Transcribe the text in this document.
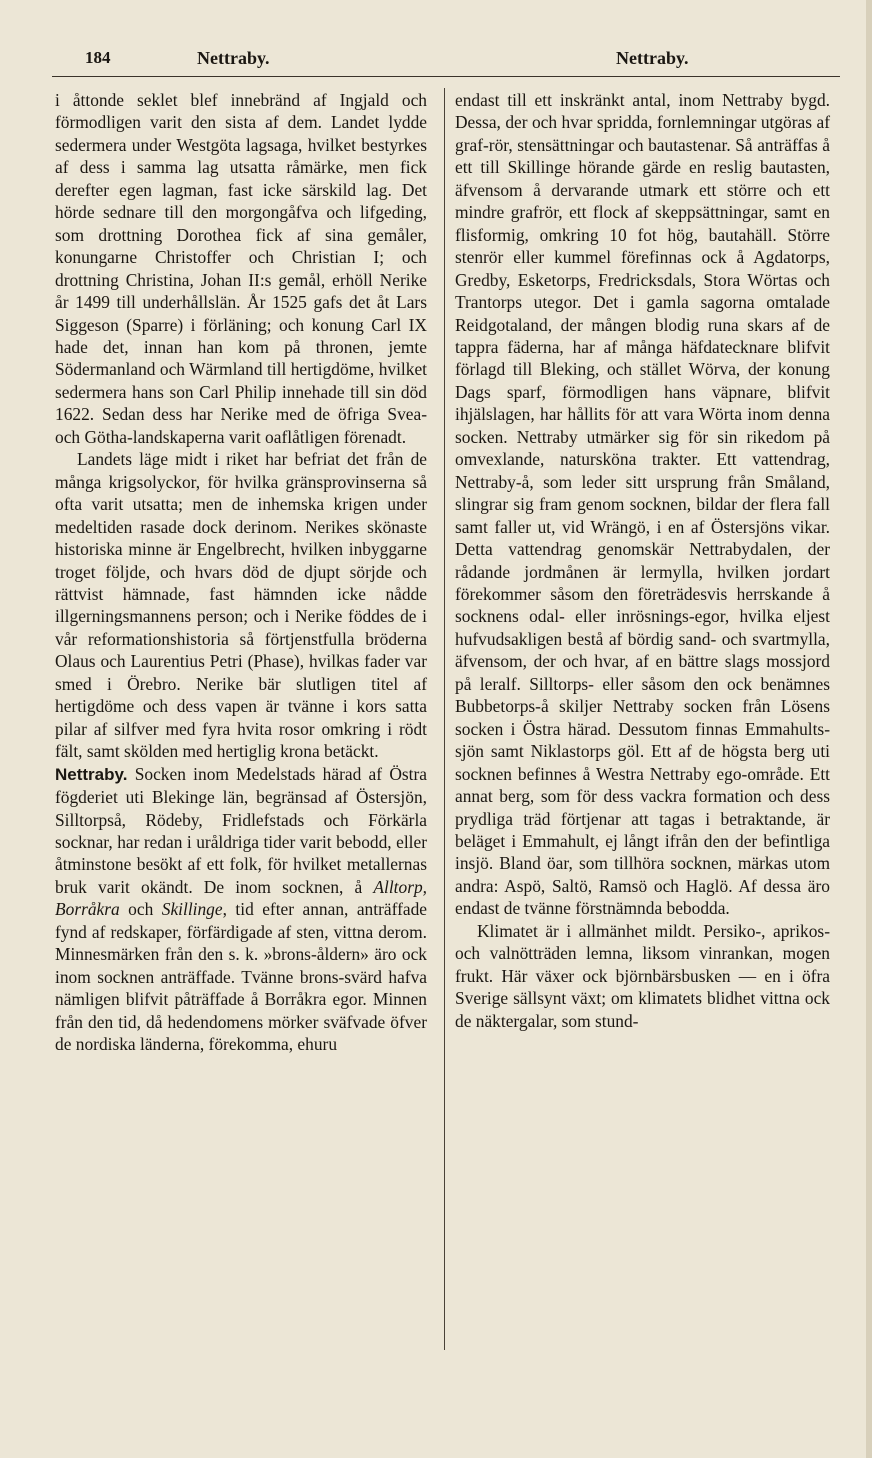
184	Nettraby.	Nettraby.

i åttonde seklet blef innebränd af Ingjald och förmodligen varit den sista af dem. Landet lydde sedermera under Westgöta lagsaga, hvilket bestyrkes af dess i samma lag utsatta råmärke, men fick derefter egen lagman, fast icke särskild lag. Det hörde sednare till den morgongåfva och lifgeding, som drottning Dorothea fick af sina gemåler, konungarne Christoffer och Christian I; och drottning Christina, Johan II:s gemål, erhöll Nerike år 1499 till underhållslän. År 1525 gafs det åt Lars Siggeson (Sparre) i förläning; och konung Carl IX hade det, innan han kom på thronen, jemte Södermanland och Wärmland till hertigdöme, hvilket sedermera hans son Carl Philip innehade till sin död 1622. Sedan dess har Nerike med de öfriga Svea- och Götha-landskaperna varit oaflåtligen förenadt.

Landets läge midt i riket har befriat det från de många krigsolyckor, för hvilka gränsprovinserna så ofta varit utsatta; men de inhemska krigen under medeltiden rasade dock derinom. Nerikes skönaste historiska minne är Engelbrecht, hvilken inbyggarne troget följde, och hvars död de djupt sörjde och rättvist hämnade, fast hämnden icke nådde illgerningsmannens person; och i Nerike föddes de i vår reformationshistoria så förtjenstfulla bröderna Olaus och Laurentius Petri (Phase), hvilkas fader var smed i Örebro. Nerike bär slutligen titel af hertigdöme och dess vapen är tvänne i kors satta pilar af silfver med fyra hvita rosor omkring i rödt fält, samt skölden med hertiglig krona betäckt.

Nettraby. Socken inom Medelstads härad af Östra fögderiet uti Blekinge län, begränsad af Östersjön, Silltorpså, Rödeby, Fridlefstads och Förkärla socknar, har redan i uråldriga tider varit bebodd, eller åtminstone besökt af ett folk, för hvilket metallernas bruk varit okändt. De inom socknen, å Alltorp, Borråkra och Skillinge, tid efter annan, anträffade fynd af redskaper, förfärdigade af sten, vittna derom. Minnesmärken från den s. k. »brons-åldern» äro ock inom socknen anträffade. Tvänne brons-svärd hafva nämligen blifvit påträffade å Borråkra egor. Minnen från den tid, då hedendomens mörker sväfvade öfver de nordiska länderna, förekomma, ehuru

endast till ett inskränkt antal, inom Nettraby bygd. Dessa, der och hvar spridda, fornlemningar utgöras af graf-rör, stensättningar och bautastenar. Så anträffas å ett till Skillinge hörande gärde en reslig bautasten, äfvensom å dervarande utmark ett större och ett mindre grafrör, ett flock af skeppsättningar, samt en flisformig, omkring 10 fot hög, bautahäll. Större stenrör eller kummel förefinnas ock å Agdatorps, Gredby, Esketorps, Fredricksdals, Stora Wörtas och Trantorps utegor. Det i gamla sagorna omtalade Reidgotaland, der mången blodig runa skars af de tappra fäderna, har af många häfdatecknare blifvit förlagd till Bleking, och stället Wörva, der konung Dags sparf, förmodligen hans väpnare, blifvit ihjälslagen, har hållits för att vara Wörta inom denna socken. Nettraby utmärker sig för sin rikedom på omvexlande, natursköna trakter. Ett vattendrag, Nettraby-å, som leder sitt ursprung från Småland, slingrar sig fram genom socknen, bildar der flera fall samt faller ut, vid Wrängö, i en af Östersjöns vikar. Detta vattendrag genomskär Nettrabydalen, der rådande jordmånen är lermylla, hvilken jordart förekommer såsom den företrädesvis herrskande å socknens odal- eller inrösnings-egor, hvilka eljest hufvudsakligen bestå af bördig sand- och svartmylla, äfvensom, der och hvar, af en bättre slags mossjord på leralf. Silltorps- eller såsom den ock benämnes Bubbetorps-å skiljer Nettraby socken från Lösens socken i Östra härad. Dessutom finnas Emmahults-sjön samt Niklastorps göl. Ett af de högsta berg uti socknen befinnes å Westra Nettraby ego-område. Ett annat berg, som för dess vackra formation och dess prydliga träd förtjenar att tagas i betraktande, är beläget i Emmahult, ej långt ifrån den der befintliga insjö. Bland öar, som tillhöra socknen, märkas utom andra: Aspö, Saltö, Ramsö och Haglö. Af dessa äro endast de tvänne förstnämnda bebodda.

Klimatet är i allmänhet mildt. Persiko-, aprikos- och valnötträden lemna, liksom vinrankan, mogen frukt. Här växer ock björnbärsbusken — en i öfra Sverige sällsynt växt; om klimatets blidhet vittna ock de näktergalar, som stund-
